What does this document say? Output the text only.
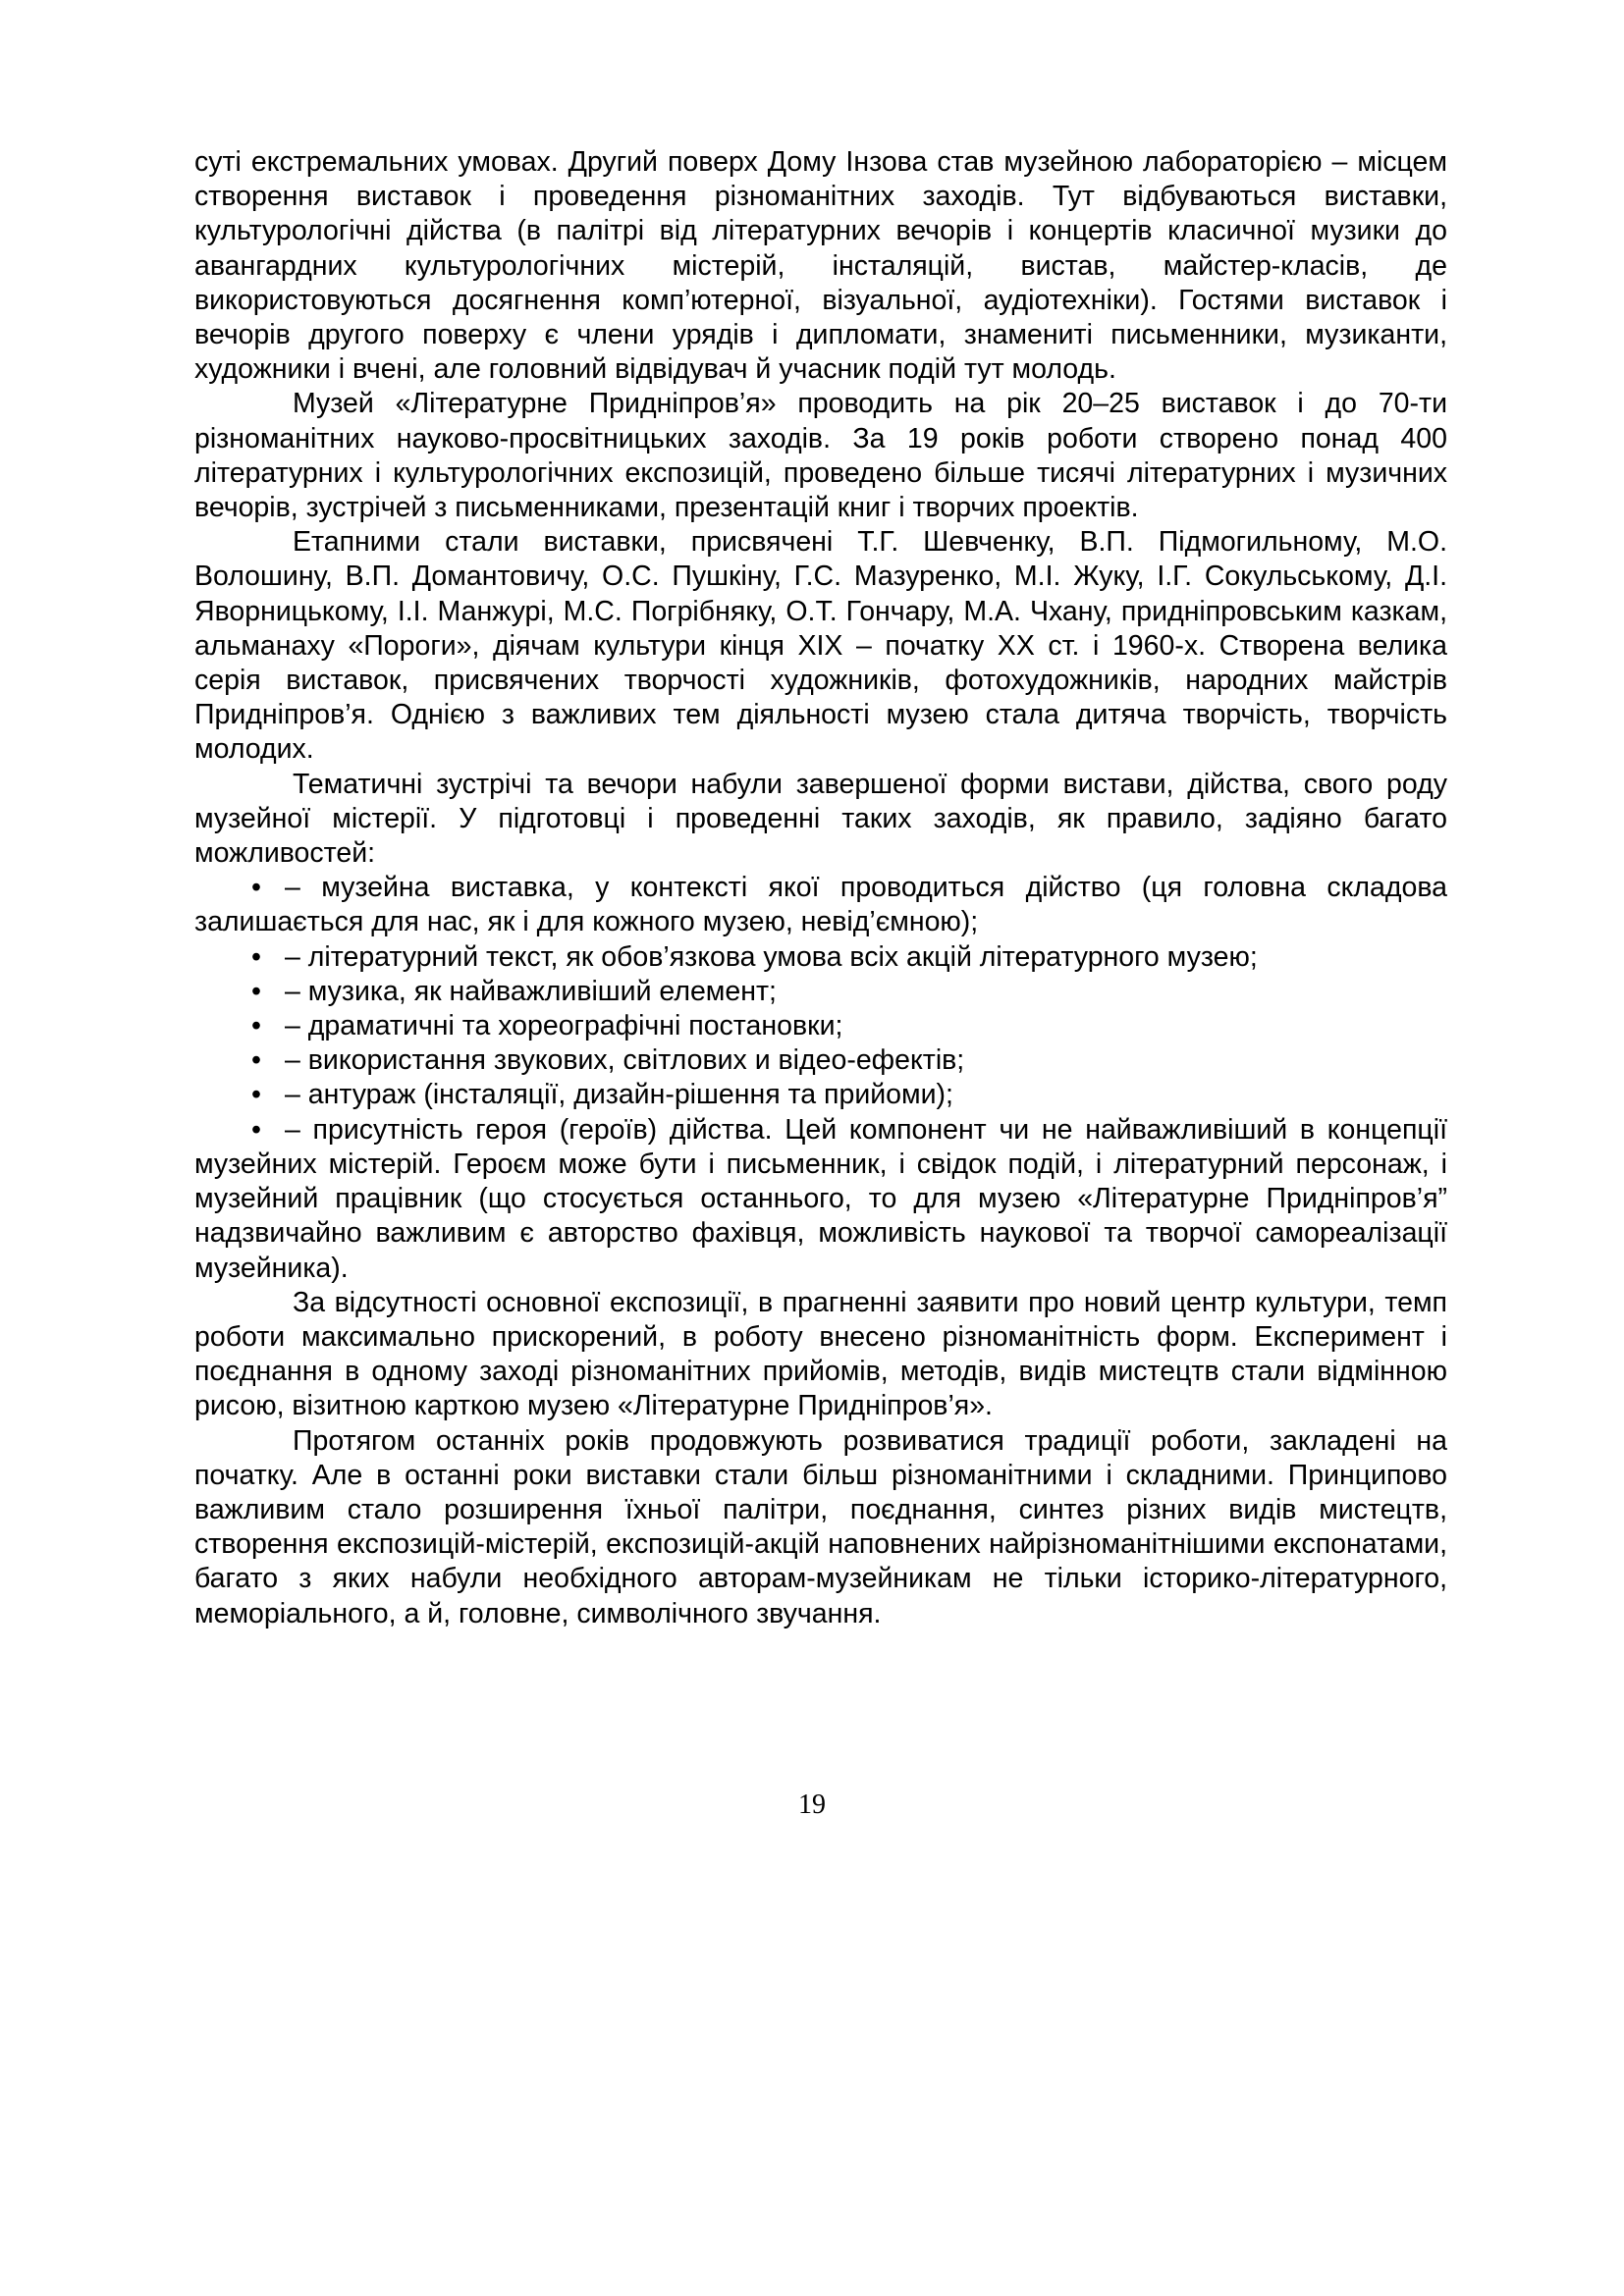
суті екстремальних умовах. Другий поверх Дому Інзова став музейною лабораторією – місцем створення виставок і проведення різноманітних заходів. Тут відбуваються виставки, культурологічні дійства (в палітрі від літературних вечорів і концертів класичної музики до авангардних культурологічних містерій, інсталяцій, вистав, майстер-класів, де використовуються досягнення комп’ютерної, візуальної, аудіотехніки). Гостями виставок і вечорів другого поверху є члени урядів і дипломати, знамениті письменники, музиканти, художники і вчені, але головний відвідувач й учасник подій тут молодь.

Музей «Літературне Придніпров’я» проводить на рік 20–25 виставок і до 70-ти різноманітних науково-просвітницьких заходів. За 19 років роботи створено понад 400 літературних і культурологічних експозицій, проведено більше тисячі літературних і музичних вечорів, зустрічей з письменниками, презентацій книг і творчих проектів.

Етапними стали виставки, присвячені Т.Г. Шевченку, В.П. Підмогильному, М.О. Волошину, В.П. Домантовичу, О.С. Пушкіну, Г.С. Мазуренко, М.І. Жуку, І.Г. Сокульському, Д.І. Яворницькому, І.І. Манжурі, М.С. Погрібняку, О.Т. Гончару, М.А. Чхану, придніпровським казкам, альманаху «Пороги», діячам культури кінця ХІХ – початку ХХ ст. і 1960-х. Створена велика серія виставок, присвячених творчості художників, фотохудожників, народних майстрів Придніпров’я. Однією з важливих тем діяльності музею стала дитяча творчість, творчість молодих.

Тематичні зустрічі та вечори набули завершеної форми вистави, дійства, свого роду музейної містерії. У підготовці і проведенні таких заходів, як правило, задіяно багато можливостей:

• – музейна виставка, у контексті якої проводиться дійство (ця головна складова залишається для нас, як і для кожного музею, невід’ємною);

• – літературний текст, як обов’язкова умова всіх акцій літературного музею;

• – музика, як найважливіший елемент;

• – драматичні та хореографічні постановки;

• – використання звукових, світлових и відео-ефектів;

• – антураж (інсталяції, дизайн-рішення та прийоми);

• – присутність героя (героїв) дійства. Цей компонент чи не найважливіший в концепції музейних містерій. Героєм може бути і письменник, і свідок подій, і літературний персонаж, і музейний працівник (що стосується останнього, то для музею «Літературне Придніпров’я” надзвичайно важливим є авторство фахівця, можливість наукової та творчої самореалізації музейника).

За відсутності основної експозиції, в прагненні заявити про новий центр культури, темп роботи максимально прискорений, в роботу внесено різноманітність форм. Експеримент і поєднання в одному заході різноманітних прийомів, методів, видів мистецтв стали відмінною рисою, візитною карткою музею «Літературне Придніпров’я».

Протягом останніх років продовжують розвиватися традиції роботи, закладені на початку. Але в останні роки виставки стали більш різноманітними і складними. Принципово важливим стало розширення їхньої палітри, поєднання, синтез різних видів мистецтв, створення експозицій-містерій, експозицій-акцій наповнених найрізноманітнішими експонатами, багато з яких набули необхідного авторам-музейникам не тільки історико-літературного, меморіального, а й, головне, символічного звучання.

19
